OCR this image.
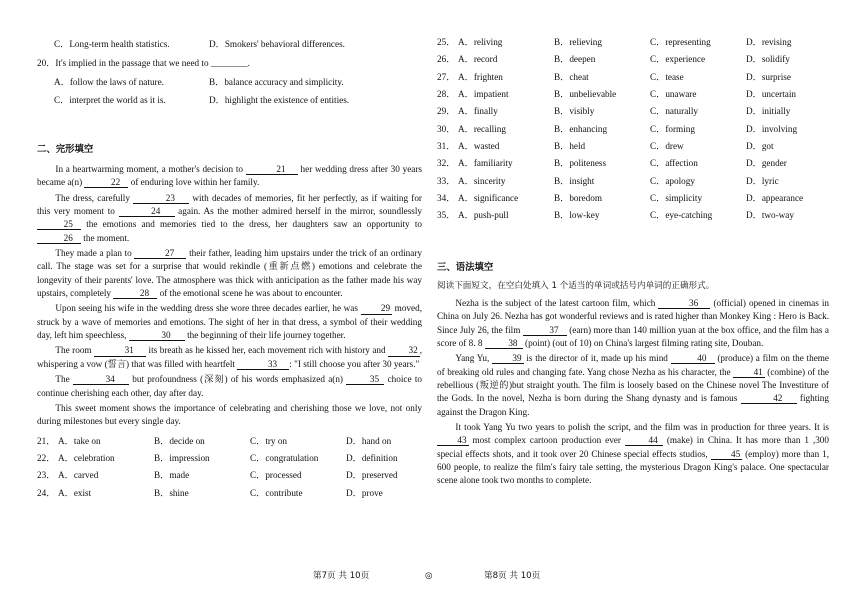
C．Long-term health statistics.	D．Smokers' behavioral differences.
20．It's implied in the passage that we need to ________.
A．follow the laws of nature.	B．balance accuracy and simplicity.
C．interpret the world as it is.	D．highlight the existence of entities.
二、完形填空

In a heartwarming moment, a mother's decision to	21 her wedding dress after 30 years became a(n)	22 of enduring love within her family.

The dress, carefully	23 with decades of memories, fit her perfectly, as if waiting for this very moment to	24 again. As the mother admired herself in the mirror, soundlessly 25 the emotions and memories tied to the dress, her daughters saw an opportunity to 26 the moment.

They made a plan to	27 their father, leading him upstairs under the trick of an ordinary call. The stage was set for a surprise that would rekindle (重新点燃) emotions and celebrate the longevity of their parents' love. The atmosphere was thick with anticipation as the father made his way upstairs, completely	28 of the emotional scene he was about to encounter.

Upon seeing his wife in the wedding dress she wore three decades earlier, he was 29 moved, struck by a wave of memories and emotions. The sight of her in that dress, a symbol of their wedding day, left him speechless,	30 the beginning of their life journey together.

The room	31 its breath as he kissed her, each movement rich with history and 32 , whispering a vow (誓言) that was filled with heartfelt	33 : "I still choose you after 30 years."

The	34 but profoundness (深刻) of his words emphasized a(n)	35 choice to continue cherishing each other, day after day.

This sweet moment shows the importance of celebrating and cherishing those we love, not only during milestones but every single day.

21． A．take on	B．decide on	C．try on	D．hand on
22． A．celebration	B．impression	C．congratulation	D．definition
23． A．carved	B．made	C．processed	D．preserved
24． A．exist	B．shine	C．contribute	D．prove
25． A．reliving	B．relieving	C．representing	D．revising
26． A．record	B．deepen	C．experience	D．solidify
27． A．frighten	B．cheat	C．tease	D．surprise
28． A．impatient	B．unbelievable	C．unaware	D．uncertain
29． A．finally	B．visibly	C．naturally	D．initially
30． A．recalling	B．enhancing	C．forming	D．involving
31． A．wasted	B．held	C．drew	D．got
32． A．familiarity	B．politeness	C．affection	D．gender
33． A．sincerity	B．insight	C．apology	D．lyric
34． A．significance	B．boredom	C．simplicity	D．appearance
35． A．push-pull	B．low-key	C．eye-catching	D．two-way
三、语法填空
阅读下面短文，在空白处填入 1 个适当的单词或括号内单词的正确形式。

Nezha is the subject of the latest cartoon film, which	36 (official) opened in cinemas in China on July 26. Nezha has got wonderful reviews and is rated higher than Monkey King : Hero is Back. Since July 26, the film	37 (earn) more than 140 million yuan at the box office, and the film has a score of 8. 8	38 (point) (out of 10) on China's largest filming rating site, Douban.

Yang Yu, 39 is the director of it, made up his mind	40 (produce) a film on the theme of breaking old rules and changing fate. Yang chose Nezha as his character, the 41 (combine) of the rebellious (叛逆的)but straight youth. The film is loosely based on the Chinese novel The Investiture of the Gods. In the novel, Nezha is born during the Shang dynasty and is famous	42 fighting against the Dragon King.

It took Yang Yu two years to polish the script, and the film was in production for three years. It is 43 most complex cartoon production ever	44 (make) in China. It has more than 1 ,300 special effects shots, and it took over 20 Chinese special effects studios, 45 (employ) more than 1, 600 people, to realize the film's fairy tale setting, the mysterious Dragon King's palace. One spectacular scene alone took two months to complete.

第7页 共 10页	◎	第8页 共 10页
